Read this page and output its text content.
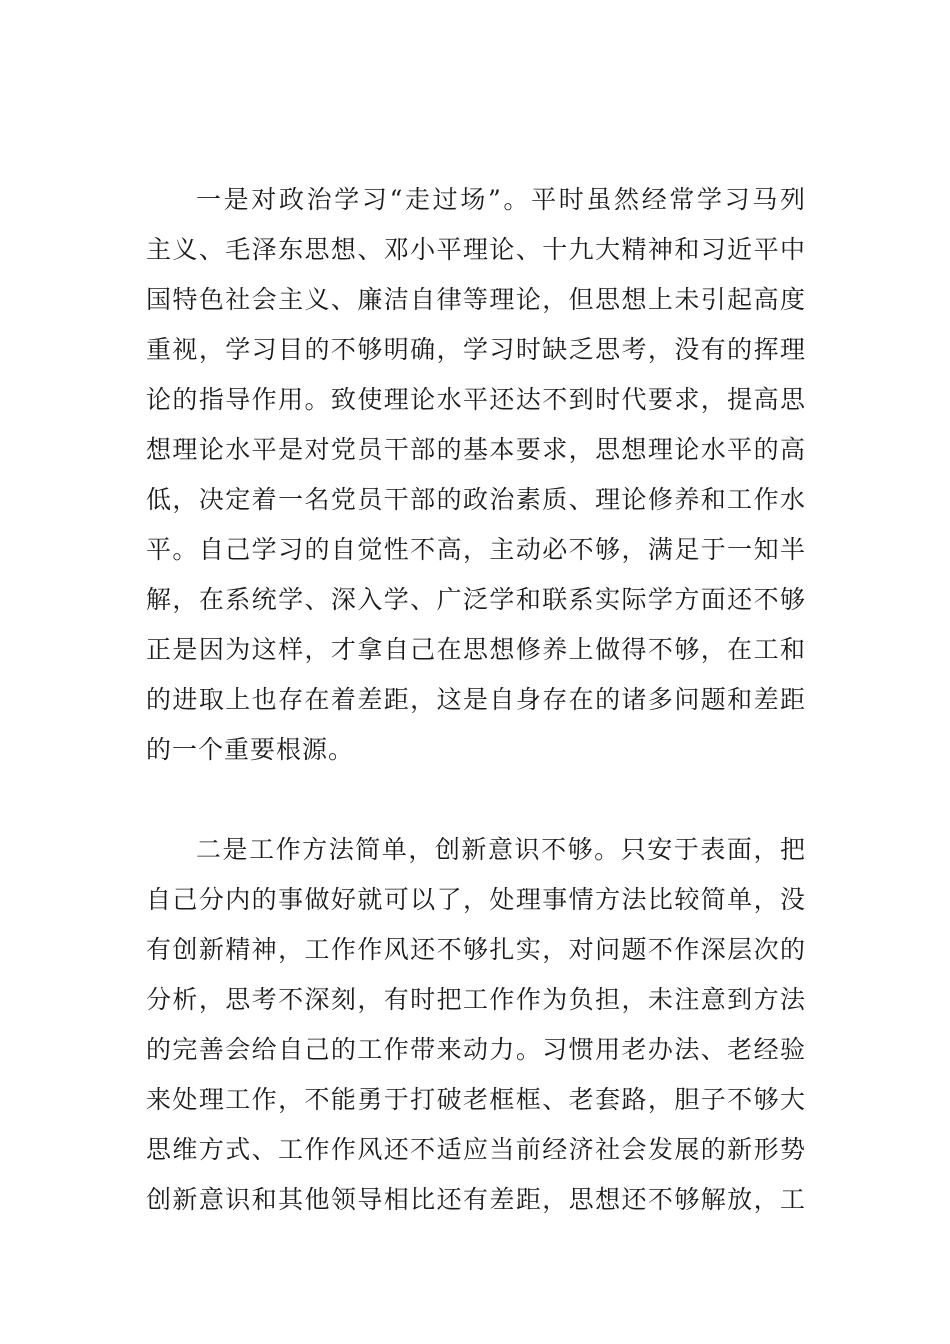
一是对政治学习“走过场”。平时虽然经常学习马列
主义、毛泽东思想、邓小平理论、十九大精神和习近平中
国特色社会主义、廉洁自律等理论，但思想上未引起高度
重视，学习目的不够明确，学习时缺乏思考，没有的挥理
论的指导作用。致使理论水平还达不到时代要求，提高思
想理论水平是对党员干部的基本要求，思想理论水平的高
低，决定着一名党员干部的政治素质、理论修养和工作水
平。自己学习的自觉性不高，主动必不够，满足于一知半
解，在系统学、深入学、广泛学和联系实际学方面还不够
正是因为这样，才拿自己在思想修养上做得不够，在工和
的进取上也存在着差距，这是自身存在的诸多问题和差距
的一个重要根源。
二是工作方法简单，创新意识不够。只安于表面，把
自己分内的事做好就可以了，处理事情方法比较简单，没
有创新精神，工作作风还不够扎实，对问题不作深层次的
分析，思考不深刻，有时把工作作为负担，未注意到方法
的完善会给自己的工作带来动力。习惯用老办法、老经验
来处理工作，不能勇于打破老框框、老套路，胆子不够大
思维方式、工作作风还不适应当前经济社会发展的新形势
创新意识和其他领导相比还有差距，思想还不够解放，工
